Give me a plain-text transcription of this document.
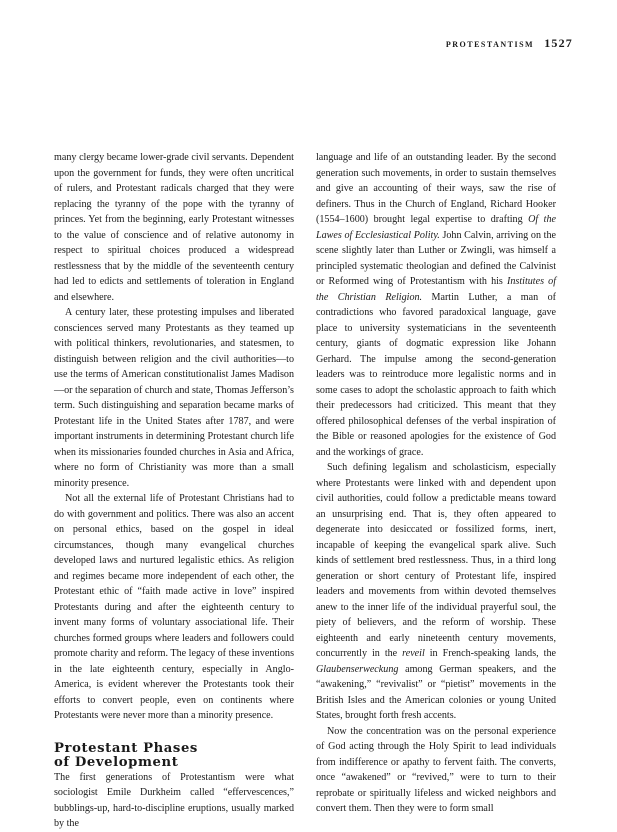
protestantism 1527

many clergy became lower-grade civil servants. Dependent upon the government for funds, they were often uncritical of rulers, and Protestant radicals charged that they were replacing the tyranny of the pope with the tyranny of princes. Yet from the beginning, early Protestant witnesses to the value of conscience and of relative autonomy in respect to spiritual choices produced a widespread restlessness that by the middle of the seventeenth century had led to edicts and settlements of toleration in England and elsewhere.

A century later, these protesting impulses and liberated consciences served many Protestants as they teamed up with political thinkers, revolutionaries, and statesmen, to distinguish between religion and the civil authorities—to use the terms of American constitutionalist James Madison—or the separation of church and state, Thomas Jefferson’s term. Such distinguishing and separation became marks of Protestant life in the United States after 1787, and were important instruments in determining Protestant church life when its missionaries founded churches in Asia and Africa, where no form of Christianity was more than a small minority presence.

Not all the external life of Protestant Christians had to do with government and politics. There was also an accent on personal ethics, based on the gospel in ideal circumstances, though many evangelical churches developed laws and nurtured legalistic ethics. As religion and regimes became more independent of each other, the Protestant ethic of “faith made active in love” inspired Protestants during and after the eighteenth century to invent many forms of voluntary associational life. Their churches formed groups where leaders and followers could promote charity and reform. The legacy of these inventions in the late eighteenth century, especially in Anglo-America, is evident wherever the Protestants took their efforts to convert people, even on continents where Protestants were never more than a minority presence.

Protestant Phases
of Development

The first generations of Protestantism were what sociologist Emile Durkheim called “effervescences,” bubblings-up, hard-to-discipline eruptions, usually marked by the

language and life of an outstanding leader. By the second generation such movements, in order to sustain themselves and give an accounting of their ways, saw the rise of definers. Thus in the Church of England, Richard Hooker (1554–1600) brought legal expertise to drafting Of the Lawes of Ecclesiastical Polity. John Calvin, arriving on the scene slightly later than Luther or Zwingli, was himself a principled systematic theologian and defined the Calvinist or Reformed wing of Protestantism with his Institutes of the Christian Religion. Martin Luther, a man of contradictions who favored paradoxical language, gave place to university systematicians in the seventeenth century, giants of dogmatic expression like Johann Gerhard. The impulse among the second-generation leaders was to reintroduce more legalistic norms and in some cases to adopt the scholastic approach to faith which their predecessors had criticized. This meant that they offered philosophical defenses of the verbal inspiration of the Bible or reasoned apologies for the existence of God and the workings of grace.

Such defining legalism and scholasticism, especially where Protestants were linked with and dependent upon civil authorities, could follow a predictable means toward an unsurprising end. That is, they often appeared to degenerate into desiccated or fossilized forms, inert, incapable of keeping the evangelical spark alive. Such kinds of settlement bred restlessness. Thus, in a third long generation or short century of Protestant life, inspired leaders and movements from within devoted themselves anew to the inner life of the individual prayerful soul, the piety of believers, and the reform of worship. These eighteenth and early nineteenth century movements, concurrently in the reveil in French-speaking lands, the Glaubenserweckung among German speakers, and the “awakening,” “revivalist” or “pietist” movements in the British Isles and the American colonies or young United States, brought forth fresh accents.

Now the concentration was on the personal experience of God acting through the Holy Spirit to lead individuals from indifference or apathy to fervent faith. The converts, once “awakened” or “revived,” were to turn to their reprobate or spiritually lifeless and wicked neighbors and convert them. Then they were to form small
